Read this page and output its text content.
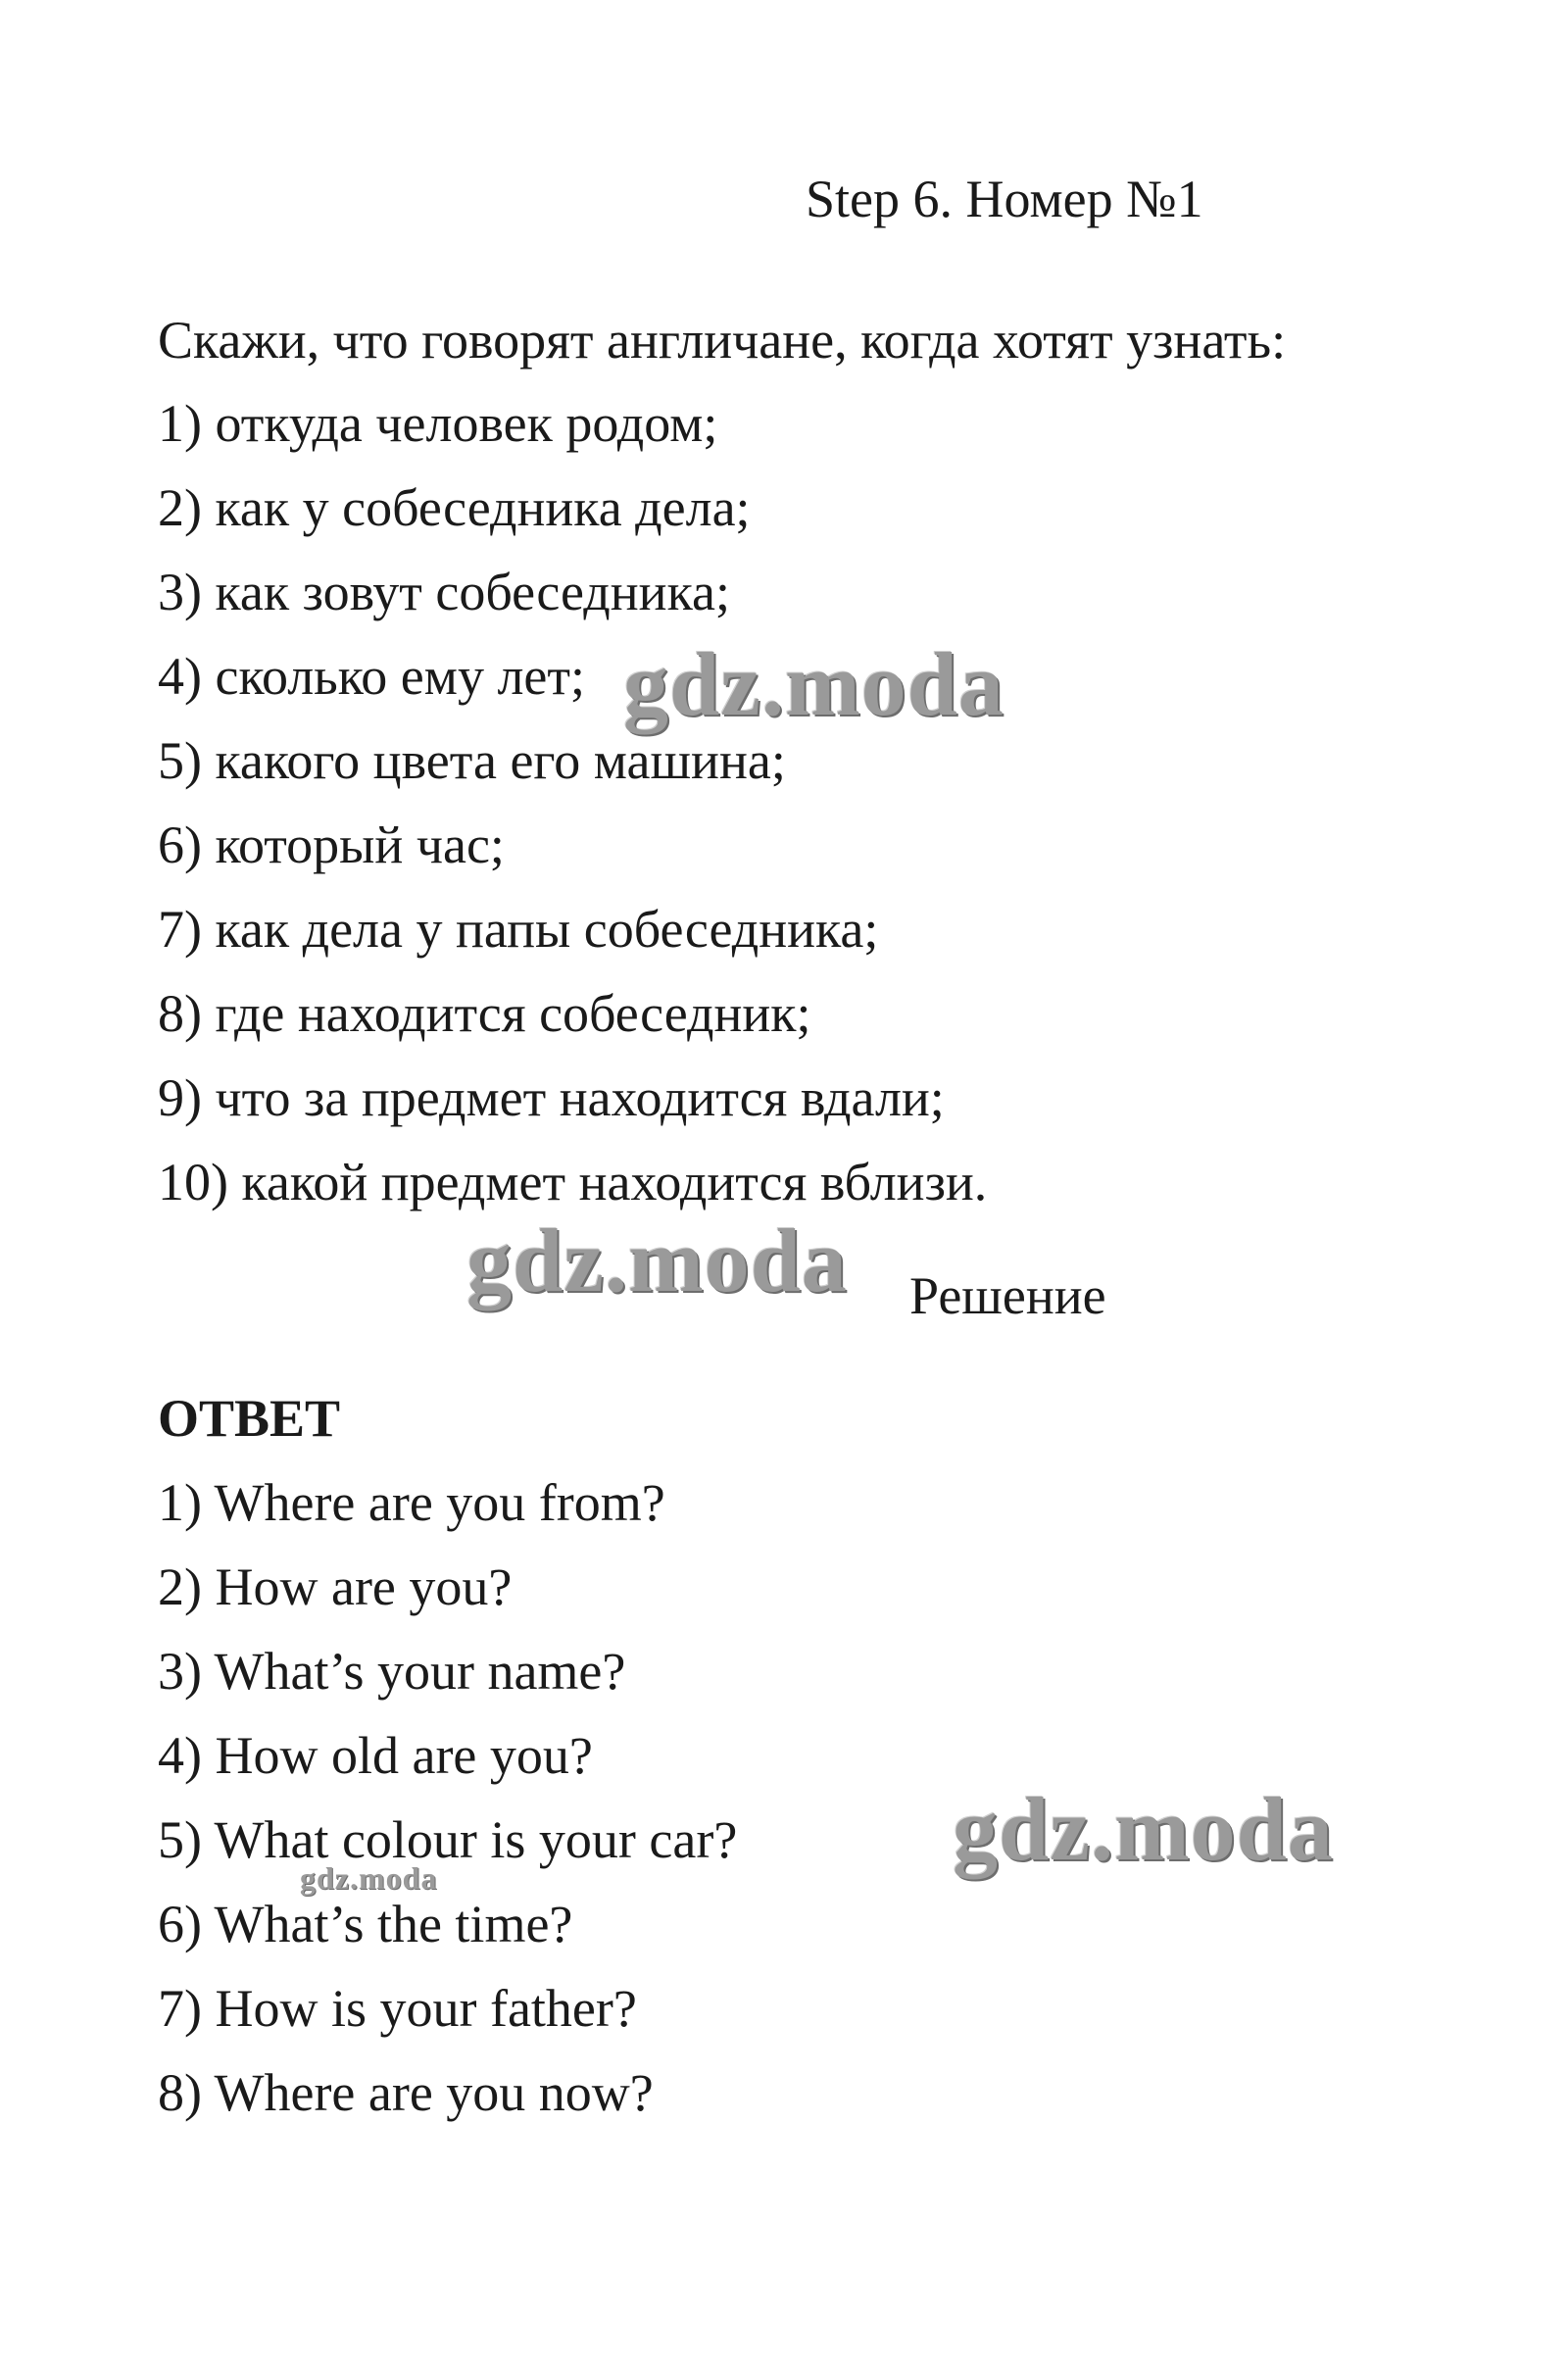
Step 6. Номер №1
Скажи, что говорят англичане, когда хотят узнать:
1) откуда человек родом;
2) как у собеседника дела;
3) как зовут собеседника;
4) сколько ему лет;
5) какого цвета его машина;
6) который час;
7) как дела у папы собеседника;
8) где находится собеседник;
9) что за предмет находится вдали;
10) какой предмет находится вблизи.
Решение
ОТВЕТ
1) Where are you from?
2) How are you?
3) What’s your name?
4) How old are you?
5) What colour is your car?
6) What’s the time?
7) How is your father?
8) Where are you now?
gdz.moda
gdz.moda
gdz.moda
gdz.moda
